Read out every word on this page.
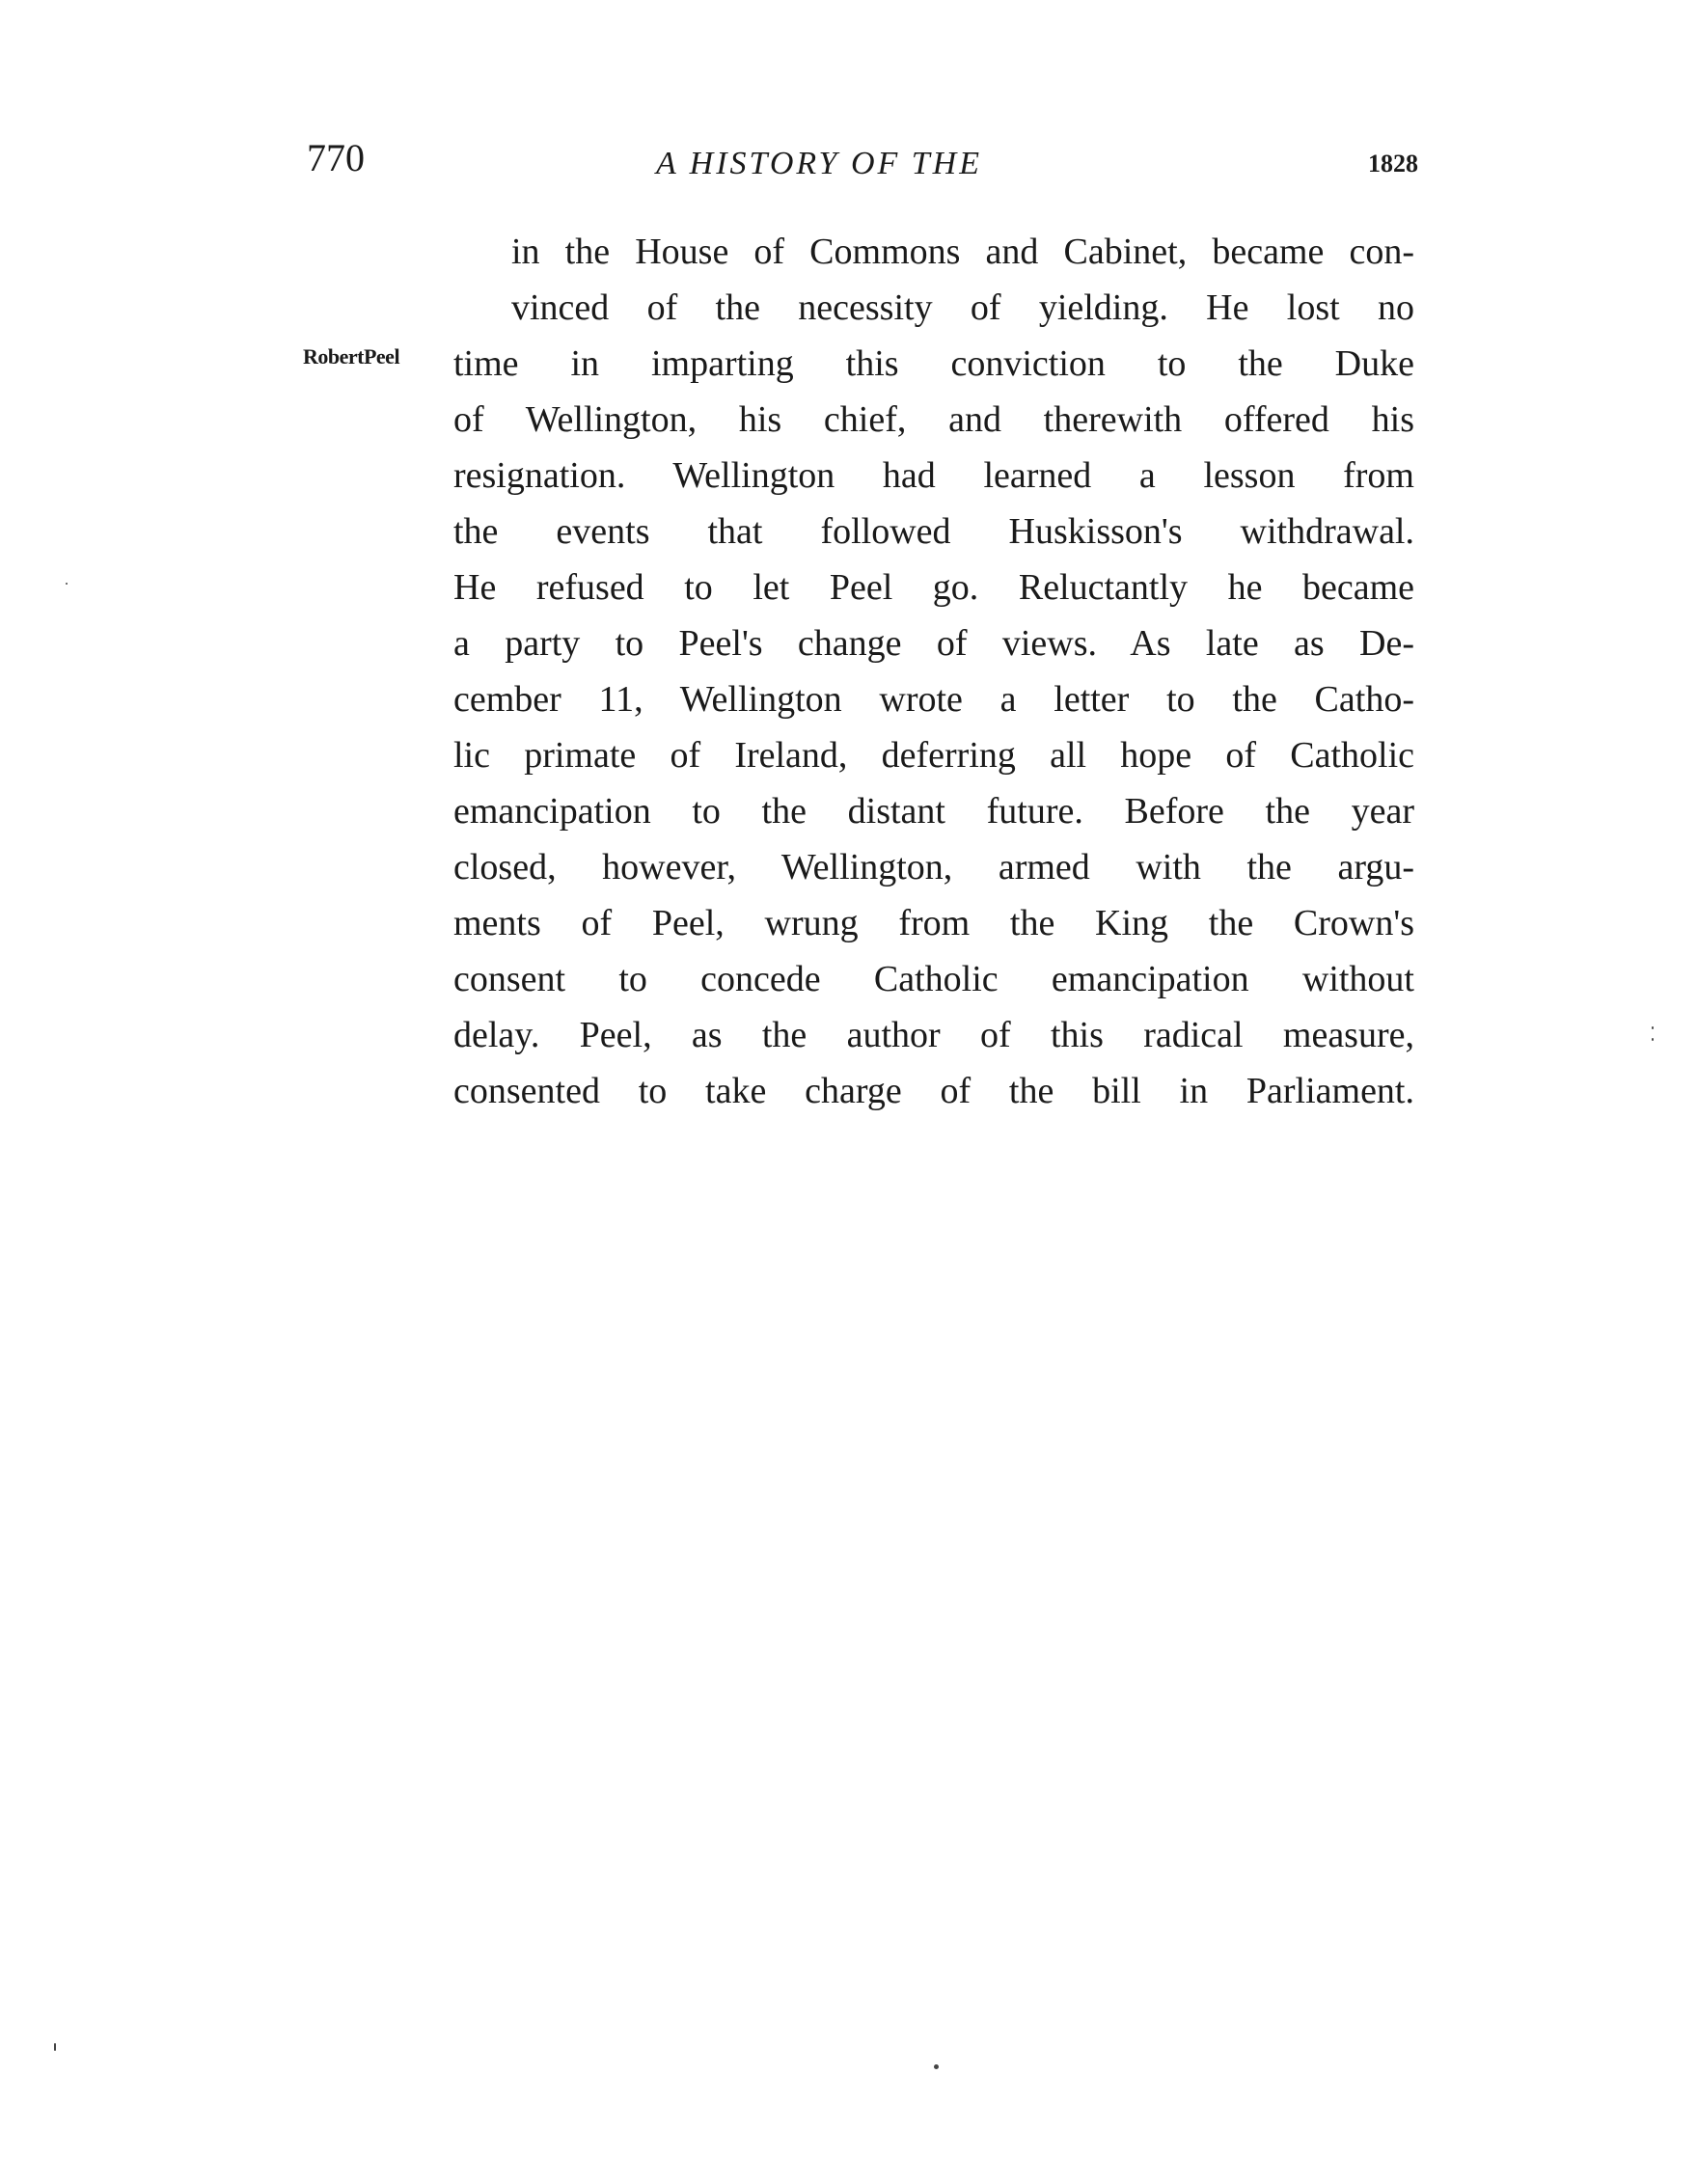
770	A HISTORY OF THE	1828
RobertPeel
in the House of Commons and Cabinet, became con-
vinced of the necessity of yielding. He lost no
time in imparting this conviction to the Duke
of Wellington, his chief, and therewith offered his
resignation. Wellington had learned a lesson from
the events that followed Huskisson's withdrawal.
He refused to let Peel go. Reluctantly he became
a party to Peel's change of views. As late as De-
cember 11, Wellington wrote a letter to the Catho-
lic primate of Ireland, deferring all hope of Catholic
emancipation to the distant future. Before the year
closed, however, Wellington, armed with the argu-
ments of Peel, wrung from the King the Crown's
consent to concede Catholic emancipation without
delay. Peel, as the author of this radical measure,
consented to take charge of the bill in Parliament.
